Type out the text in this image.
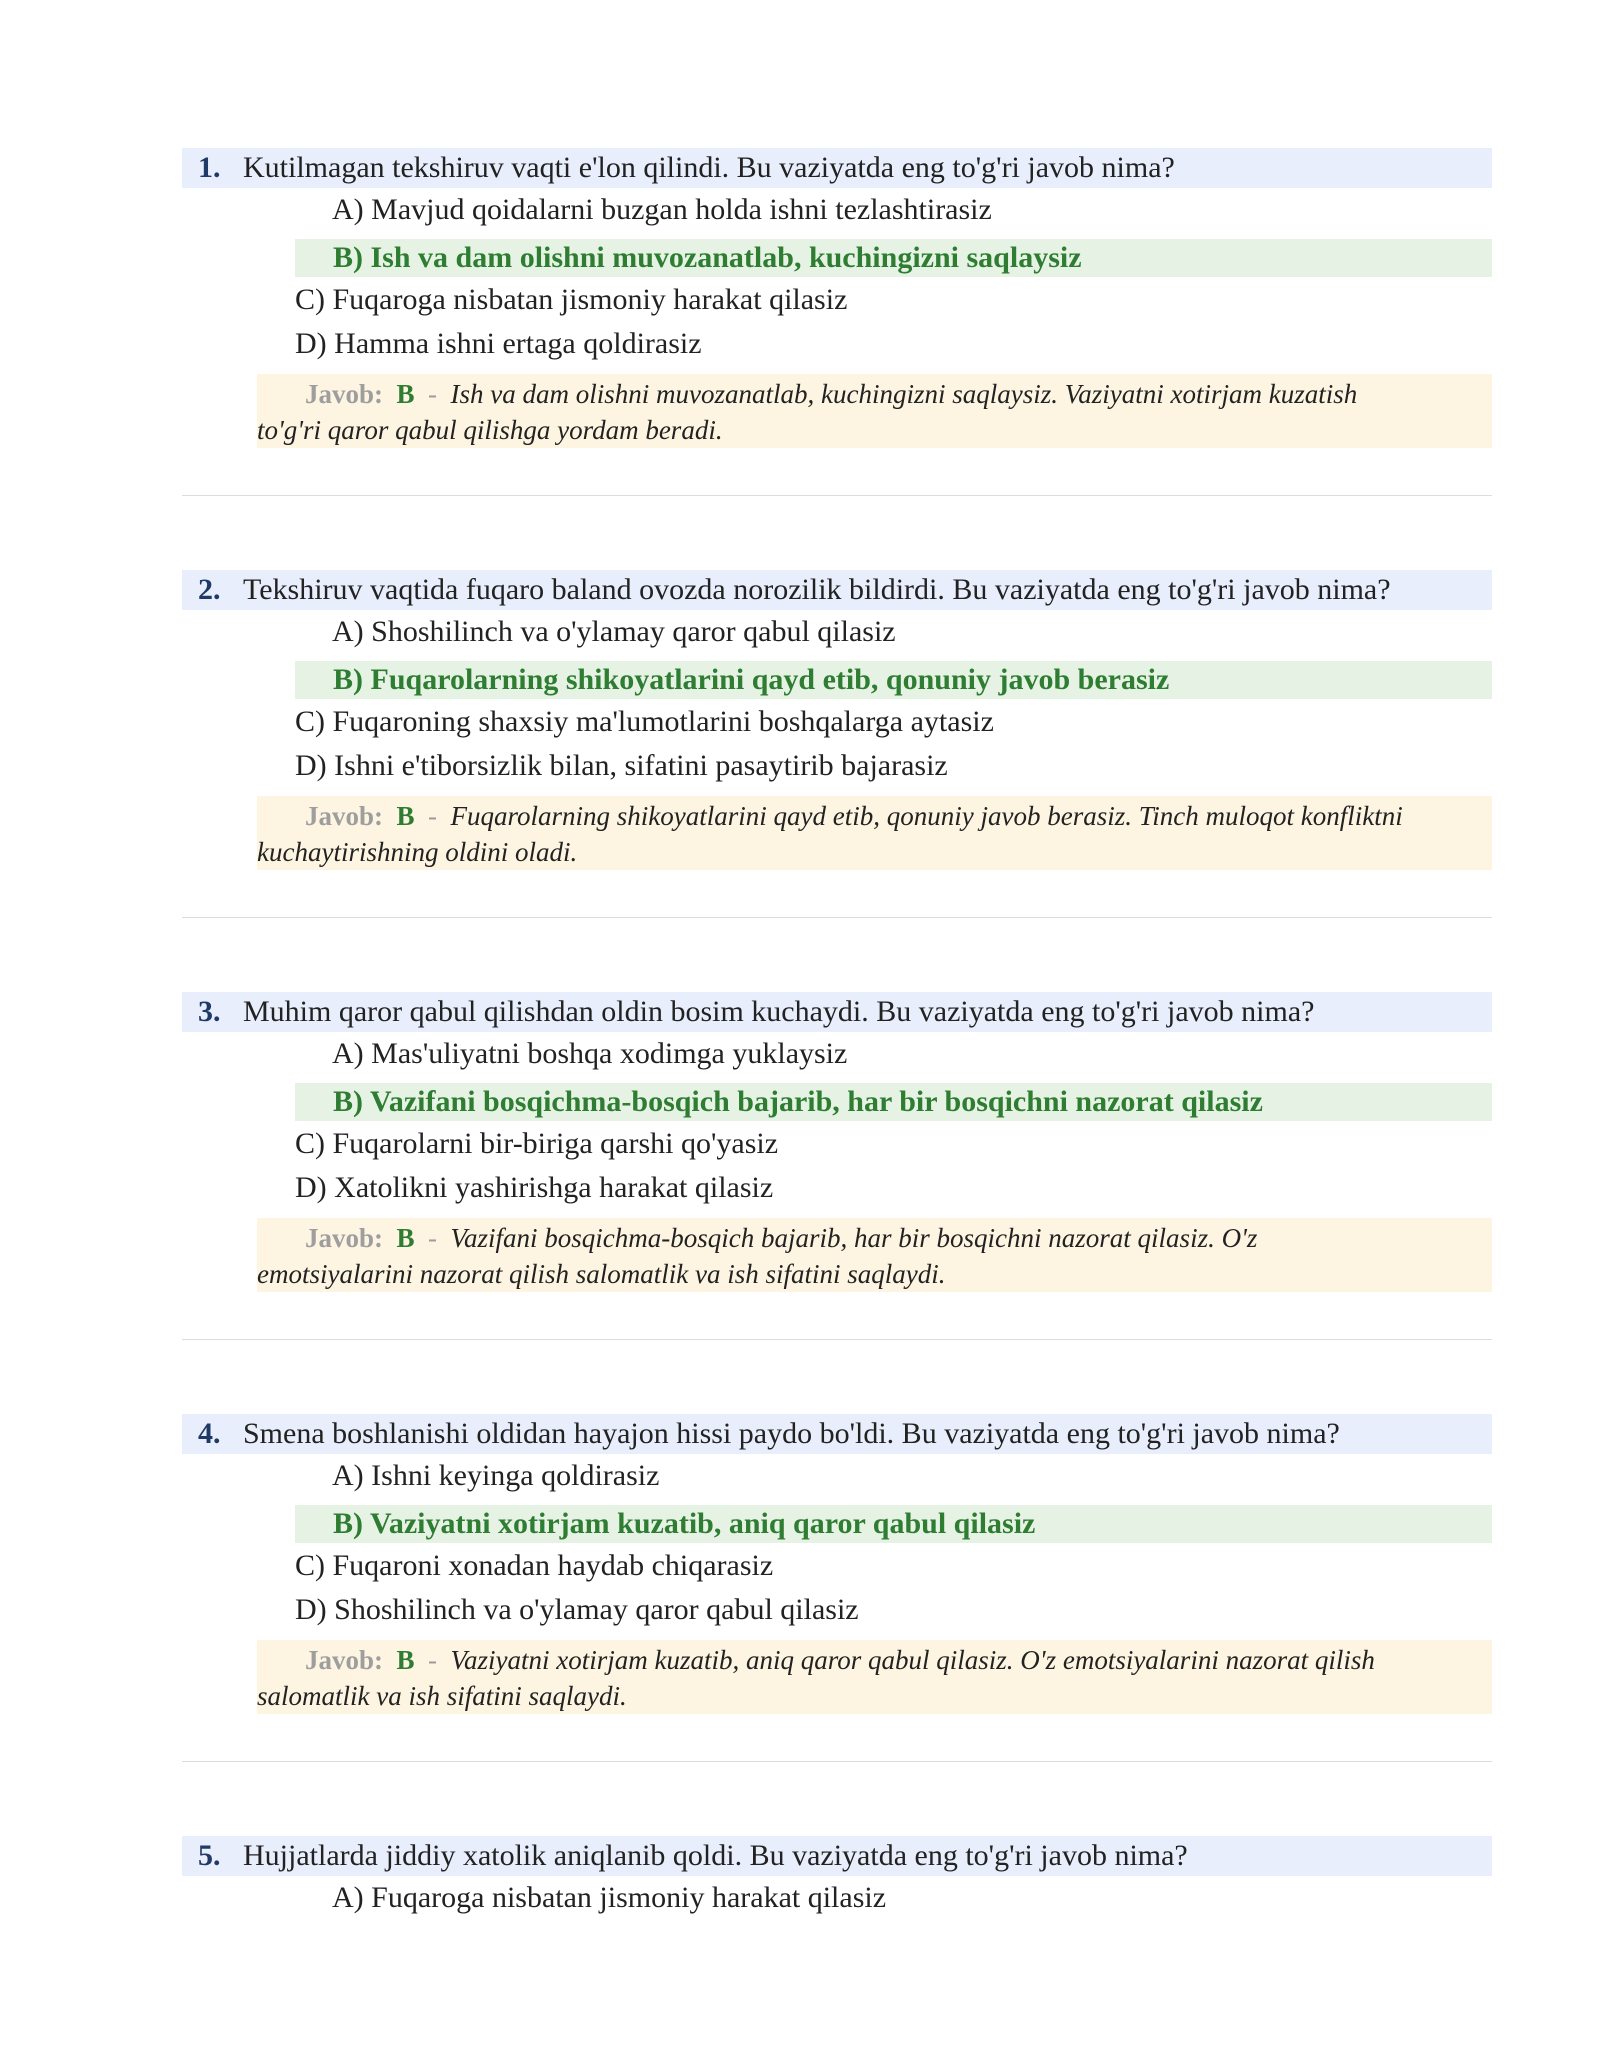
1. Kutilmagan tekshiruv vaqti e'lon qilindi. Bu vaziyatda eng to'g'ri javob nima?
A) Mavjud qoidalarni buzgan holda ishni tezlashtirasiz
B) Ish va dam olishni muvozanatlab, kuchingizni saqlaysiz
C) Fuqaroga nisbatan jismoniy harakat qilasiz
D) Hamma ishni ertaga qoldirasiz
Javob: B - Ish va dam olishni muvozanatlab, kuchingizni saqlaysiz. Vaziyatni xotirjam kuzatish
to'g'ri qaror qabul qilishga yordam beradi.
2. Tekshiruv vaqtida fuqaro baland ovozda norozilik bildirdi. Bu vaziyatda eng to'g'ri javob nima?
A) Shoshilinch va o'ylamay qaror qabul qilasiz
B) Fuqarolarning shikoyatlarini qayd etib, qonuniy javob berasiz
C) Fuqaroning shaxsiy ma'lumotlarini boshqalarga aytasiz
D) Ishni e'tiborsizlik bilan, sifatini pasaytirib bajarasiz
Javob: B - Fuqarolarning shikoyatlarini qayd etib, qonuniy javob berasiz. Tinch muloqot konfliktni
kuchaytirishning oldini oladi.
3. Muhim qaror qabul qilishdan oldin bosim kuchaydi. Bu vaziyatda eng to'g'ri javob nima?
A) Mas'uliyatni boshqa xodimga yuklaysiz
B) Vazifani bosqichma-bosqich bajarib, har bir bosqichni nazorat qilasiz
C) Fuqarolarni bir-biriga qarshi qo'yasiz
D) Xatolikni yashirishga harakat qilasiz
Javob: B - Vazifani bosqichma-bosqich bajarib, har bir bosqichni nazorat qilasiz. O'z
emotsiyalarini nazorat qilish salomatlik va ish sifatini saqlaydi.
4. Smena boshlanishi oldidan hayajon hissi paydo bo'ldi. Bu vaziyatda eng to'g'ri javob nima?
A) Ishni keyinga qoldirasiz
B) Vaziyatni xotirjam kuzatib, aniq qaror qabul qilasiz
C) Fuqaroni xonadan haydab chiqarasiz
D) Shoshilinch va o'ylamay qaror qabul qilasiz
Javob: B - Vaziyatni xotirjam kuzatib, aniq qaror qabul qilasiz. O'z emotsiyalarini nazorat qilish
salomatlik va ish sifatini saqlaydi.
5. Hujjatlarda jiddiy xatolik aniqlanib qoldi. Bu vaziyatda eng to'g'ri javob nima?
A) Fuqaroga nisbatan jismoniy harakat qilasiz
